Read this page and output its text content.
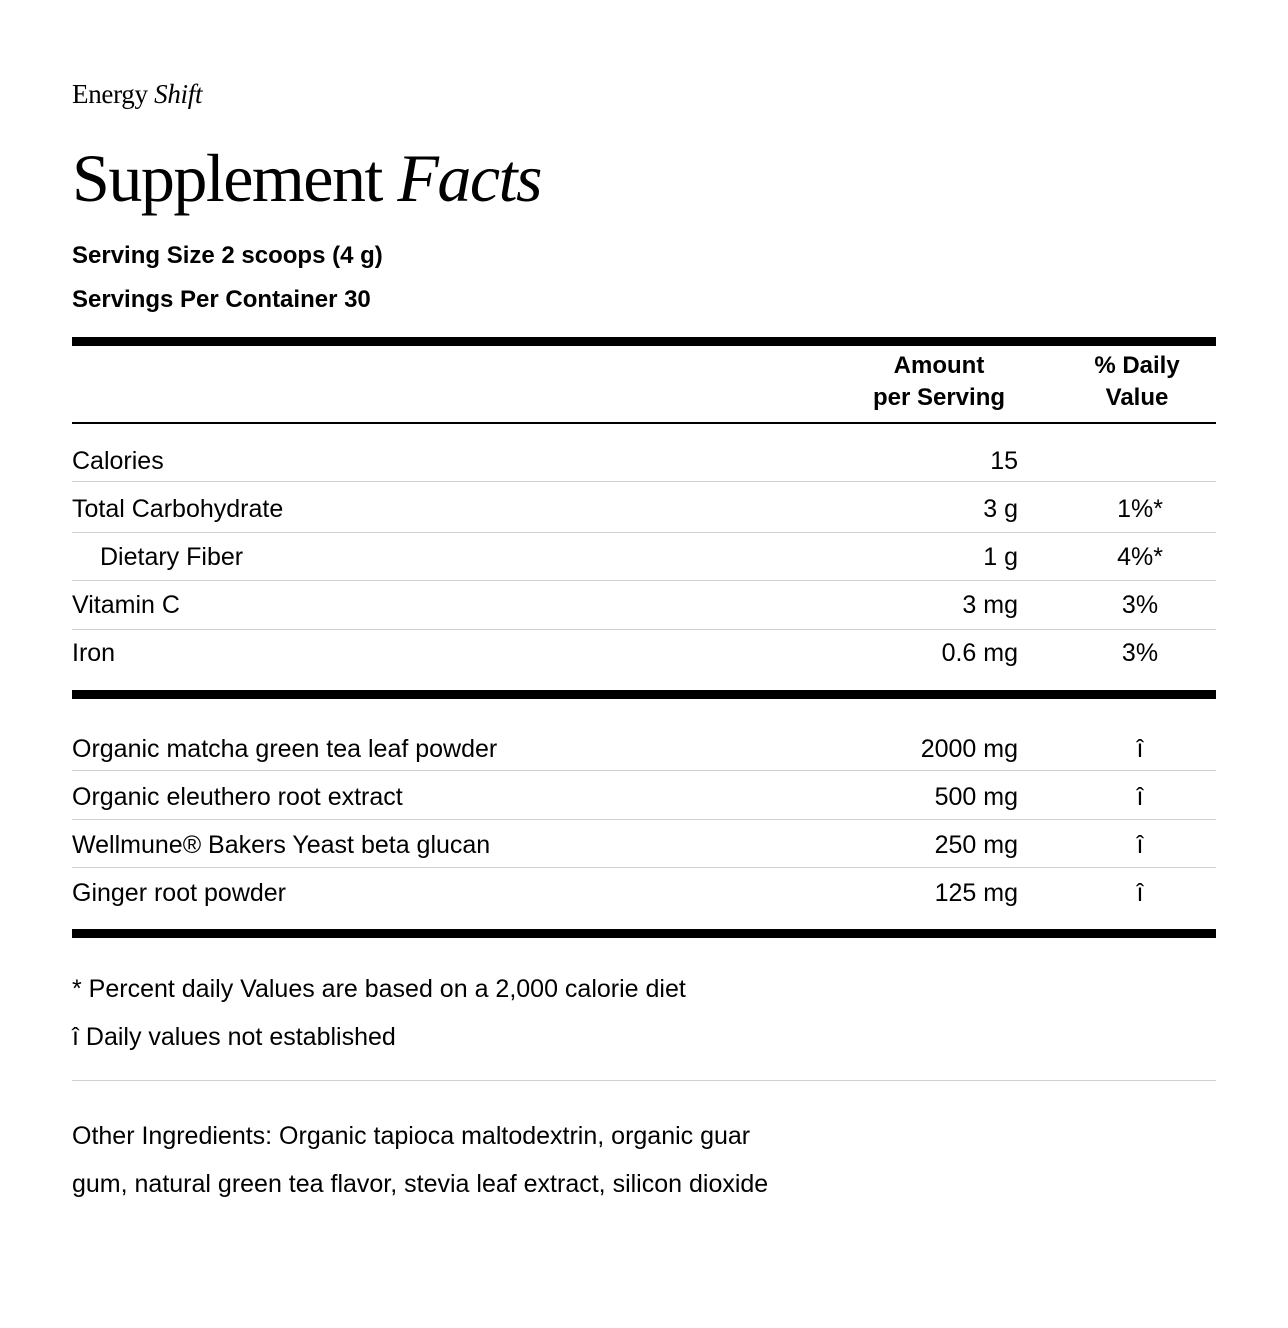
Energy Shift
Supplement Facts
Serving Size 2 scoops (4 g)
Servings Per Container 30
Amount
per Serving
% Daily
Value
Calories	15
Total Carbohydrate	3 g	1%*
Dietary Fiber	1 g	4%*
Vitamin C	3 mg	3%
Iron	0.6 mg	3%
Organic matcha green tea leaf powder	2000 mg	î
Organic eleuthero root extract	500 mg	î
Wellmune® Bakers Yeast beta glucan	250 mg	î
Ginger root powder	125 mg	î
* Percent daily Values are based on a 2,000 calorie diet
î Daily values not established
Other Ingredients: Organic tapioca maltodextrin, organic guar gum, natural green tea flavor, stevia leaf extract, silicon dioxide
